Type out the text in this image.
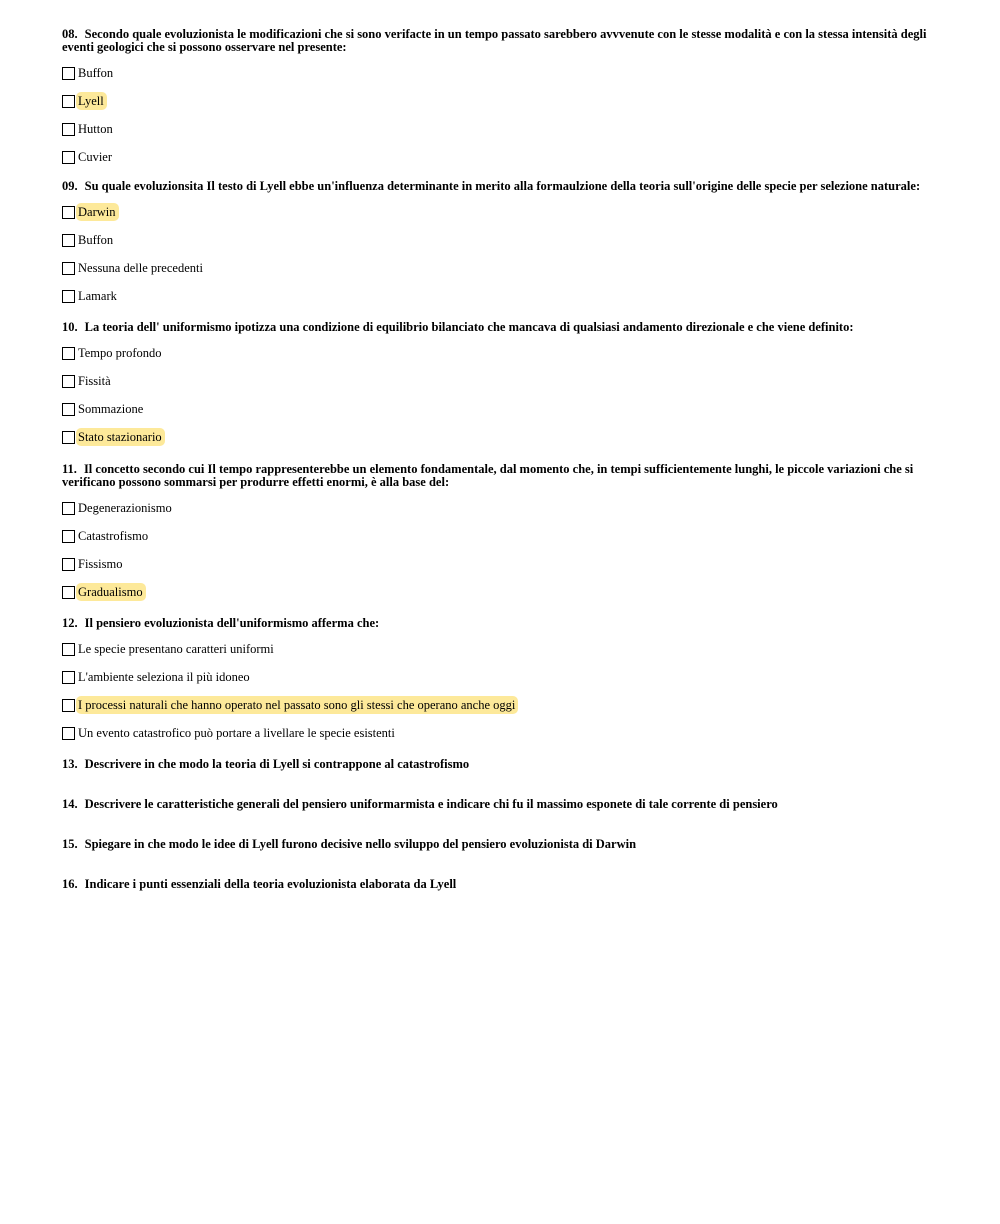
08. Secondo quale evoluzionista le modificazioni che si sono verifacte in un tempo passato sarebbero avvvenute con le stesse modalità e con la stessa intensità degli eventi geologici che si possono osservare nel presente:

Buffon
Lyell
Hutton
Cuvier

09. Su quale evoluzionsita Il testo di Lyell ebbe un'influenza determinante in merito alla formaulzione della teoria sull'origine delle specie per selezione naturale:

Darwin
Buffon
Nessuna delle precedenti
Lamark

10. La teoria dell' uniformismo ipotizza una condizione di equilibrio bilanciato che mancava di qualsiasi andamento direzionale e che viene definito:

Tempo profondo
Fissità
Sommazione
Stato stazionario

11. Il concetto secondo cui Il tempo rappresenterebbe un elemento fondamentale, dal momento che, in tempi sufficientemente lunghi, le piccole variazioni che si verificano possono sommarsi per produrre effetti enormi, è alla base del:

Degenerazionismo
Catastrofismo
Fissismo
Gradualismo

12. Il pensiero evoluzionista dell'uniformismo afferma che:

Le specie presentano caratteri uniformi
L'ambiente seleziona il più idoneo
I processi naturali che hanno operato nel passato sono gli stessi che operano anche oggi
Un evento catastrofico può portare a livellare le specie esistenti

13. Descrivere in che modo la teoria di Lyell si contrappone al catastrofismo

14. Descrivere le caratteristiche generali del pensiero uniformarmista e indicare chi fu il massimo esponete di tale corrente di pensiero

15. Spiegare in che modo le idee di Lyell furono decisive nello sviluppo del pensiero evoluzionista di Darwin

16. Indicare i punti essenziali della teoria evoluzionista elaborata da Lyell
